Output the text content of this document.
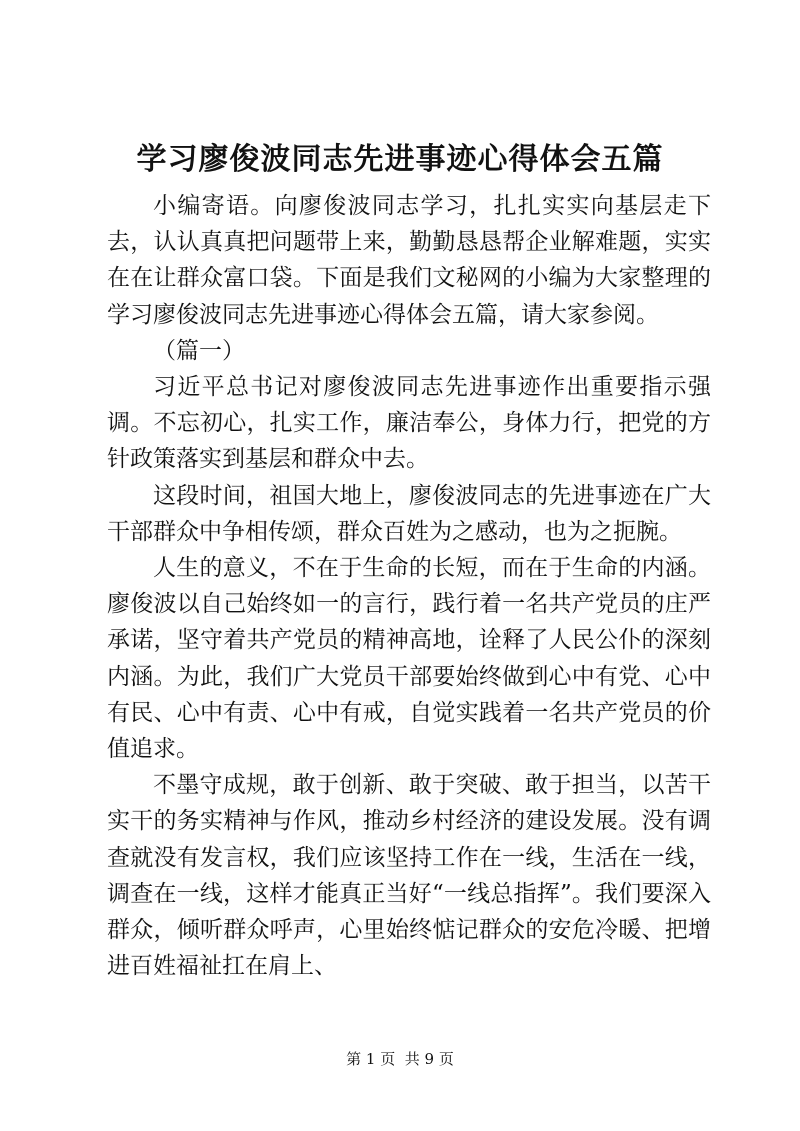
学习廖俊波同志先进事迹心得体会五篇

小编寄语。向廖俊波同志学习，扎扎实实向基层走下去，认认真真把问题带上来，勤勤恳恳帮企业解难题，实实在在让群众富口袋。下面是我们文秘网的小编为大家整理的学习廖俊波同志先进事迹心得体会五篇，请大家参阅。

（篇一）

习近平总书记对廖俊波同志先进事迹作出重要指示强调。不忘初心，扎实工作，廉洁奉公，身体力行，把党的方针政策落实到基层和群众中去。

这段时间，祖国大地上，廖俊波同志的先进事迹在广大干部群众中争相传颂，群众百姓为之感动，也为之扼腕。

人生的意义，不在于生命的长短，而在于生命的内涵。廖俊波以自己始终如一的言行，践行着一名共产党员的庄严承诺，坚守着共产党员的精神高地，诠释了人民公仆的深刻内涵。为此，我们广大党员干部要始终做到心中有党、心中有民、心中有责、心中有戒，自觉实践着一名共产党员的价值追求。

不墨守成规，敢于创新、敢于突破、敢于担当，以苦干实干的务实精神与作风，推动乡村经济的建设发展。没有调查就没有发言权，我们应该坚持工作在一线，生活在一线，调查在一线，这样才能真正当好“一线总指挥”。我们要深入群众，倾听群众呼声，心里始终惦记群众的安危冷暖、把增进百姓福祉扛在肩上、

第 1 页  共 9 页
